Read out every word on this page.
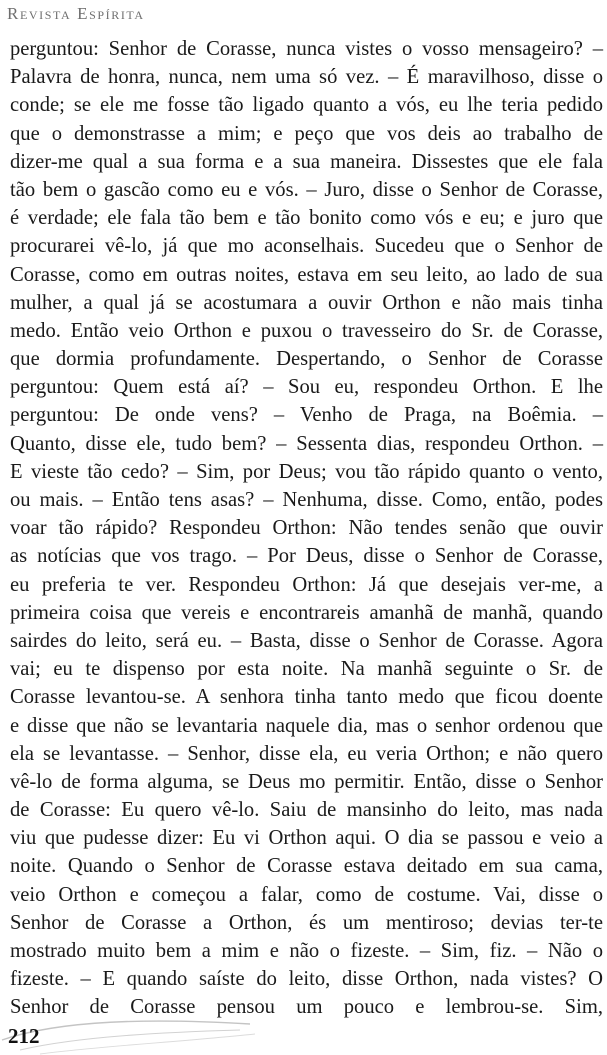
Revista Espírita

perguntou: Senhor de Corasse, nunca vistes o vosso mensageiro? –
Palavra de honra, nunca, nem uma só vez. – É maravilhoso, disse o
conde; se ele me fosse tão ligado quanto a vós, eu lhe teria pedido
que o demonstrasse a mim; e peço que vos deis ao trabalho de
dizer-me qual a sua forma e a sua maneira. Dissestes que ele fala
tão bem o gascão como eu e vós. – Juro, disse o Senhor de Corasse,
é verdade; ele fala tão bem e tão bonito como vós e eu; e juro que
procurarei vê-lo, já que mo aconselhais. Sucedeu que o Senhor de
Corasse, como em outras noites, estava em seu leito, ao lado de sua
mulher, a qual já se acostumara a ouvir Orthon e não mais tinha
medo. Então veio Orthon e puxou o travesseiro do Sr. de Corasse,
que dormia profundamente. Despertando, o Senhor de Corasse
perguntou: Quem está aí? – Sou eu, respondeu Orthon. E lhe
perguntou: De onde vens? – Venho de Praga, na Boêmia. –
Quanto, disse ele, tudo bem? – Sessenta dias, respondeu Orthon. –
E vieste tão cedo? – Sim, por Deus; vou tão rápido quanto o vento,
ou mais. – Então tens asas? – Nenhuma, disse. Como, então, podes
voar tão rápido? Respondeu Orthon: Não tendes senão que ouvir
as notícias que vos trago. – Por Deus, disse o Senhor de Corasse,
eu preferia te ver. Respondeu Orthon: Já que desejais ver-me, a
primeira coisa que vereis e encontrareis amanhã de manhã, quando
sairdes do leito, será eu. – Basta, disse o Senhor de Corasse. Agora
vai; eu te dispenso por esta noite. Na manhã seguinte o Sr. de
Corasse levantou-se. A senhora tinha tanto medo que ficou doente
e disse que não se levantaria naquele dia, mas o senhor ordenou que
ela se levantasse. – Senhor, disse ela, eu veria Orthon; e não quero
vê-lo de forma alguma, se Deus mo permitir. Então, disse o Senhor
de Corasse: Eu quero vê-lo. Saiu de mansinho do leito, mas nada
viu que pudesse dizer: Eu vi Orthon aqui. O dia se passou e veio a
noite. Quando o Senhor de Corasse estava deitado em sua cama,
veio Orthon e começou a falar, como de costume. Vai, disse o
Senhor de Corasse a Orthon, és um mentiroso; devias ter-te
mostrado muito bem a mim e não o fizeste. – Sim, fiz. – Não o
fizeste. – E quando saíste do leito, disse Orthon, nada vistes? O
Senhor de Corasse pensou um pouco e lembrou-se. Sim,

212
